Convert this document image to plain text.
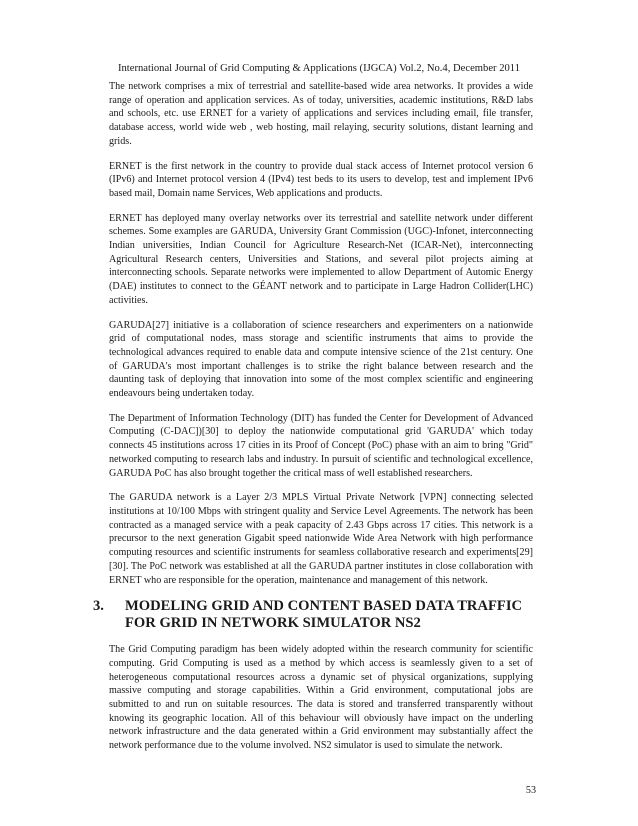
International Journal of Grid Computing & Applications (IJGCA) Vol.2, No.4, December 2011

The network comprises a mix of terrestrial and satellite-based wide area networks. It provides a wide range of operation and application services. As of today, universities, academic institutions, R&D labs and schools, etc. use ERNET for a variety of applications and services including email, file transfer, database access, world wide web , web hosting, mail relaying, security solutions, distant learning and grids.

ERNET is the first network in the country to provide dual stack access of Internet protocol version 6 (IPv6) and Internet protocol version 4 (IPv4) test beds to its users to develop, test and implement IPv6 based mail, Domain name Services, Web applications and products.

ERNET has deployed many overlay networks over its terrestrial and satellite network under different schemes. Some examples are GARUDA, University Grant Commission (UGC)-Infonet, interconnecting Indian universities, Indian Council for Agriculture Research-Net (ICAR-Net), interconnecting Agricultural Research centers, Universities and Stations, and several pilot projects aiming at interconnecting schools. Separate networks were implemented to allow Department of Automic Energy (DAE) institutes to connect to the GÉANT network and to participate in Large Hadron Collider(LHC) activities.

GARUDA[27] initiative is a collaboration of science researchers and experimenters on a nationwide grid of computational nodes, mass storage and scientific instruments that aims to provide the technological advances required to enable data and compute intensive science of the 21st century. One of GARUDA's most important challenges is to strike the right balance between research and the daunting task of deploying that innovation into some of the most complex scientific and engineering endeavours being undertaken today.

The Department of Information Technology (DIT) has funded the Center for Development of Advanced Computing (C-DAC])[30] to deploy the nationwide computational grid 'GARUDA' which today connects 45 institutions across 17 cities in its Proof of Concept (PoC) phase with an aim to bring "Grid" networked computing to research labs and industry. In pursuit of scientific and technological excellence, GARUDA PoC has also brought together the critical mass of well established researchers.

The GARUDA network is a Layer 2/3 MPLS Virtual Private Network [VPN] connecting selected institutions at 10/100 Mbps with stringent quality and Service Level Agreements. The network has been contracted as a managed service with a peak capacity of 2.43 Gbps across 17 cities. This network is a precursor to the next generation Gigabit speed nationwide Wide Area Network with high performance computing resources and scientific instruments for seamless collaborative research and experiments[29][30]. The PoC network was established at all the GARUDA partner institutes in close collaboration with ERNET who are responsible for the operation, maintenance and management of this network.

3. MODELING GRID AND CONTENT BASED DATA TRAFFIC FOR GRID IN NETWORK SIMULATOR NS2

The Grid Computing paradigm has been widely adopted within the research community for scientific computing. Grid Computing is used as a method by which access is seamlessly given to a set of heterogeneous computational resources across a dynamic set of physical organizations, supplying massive computing and storage capabilities. Within a Grid environment, computational jobs are submitted to and run on suitable resources. The data is stored and transferred transparently without knowing its geographic location. All of this behaviour will obviously have impact on the underling network infrastructure and the data generated within a Grid environment may substantially affect the network performance due to the volume involved. NS2 simulator is used to simulate the network.

53
